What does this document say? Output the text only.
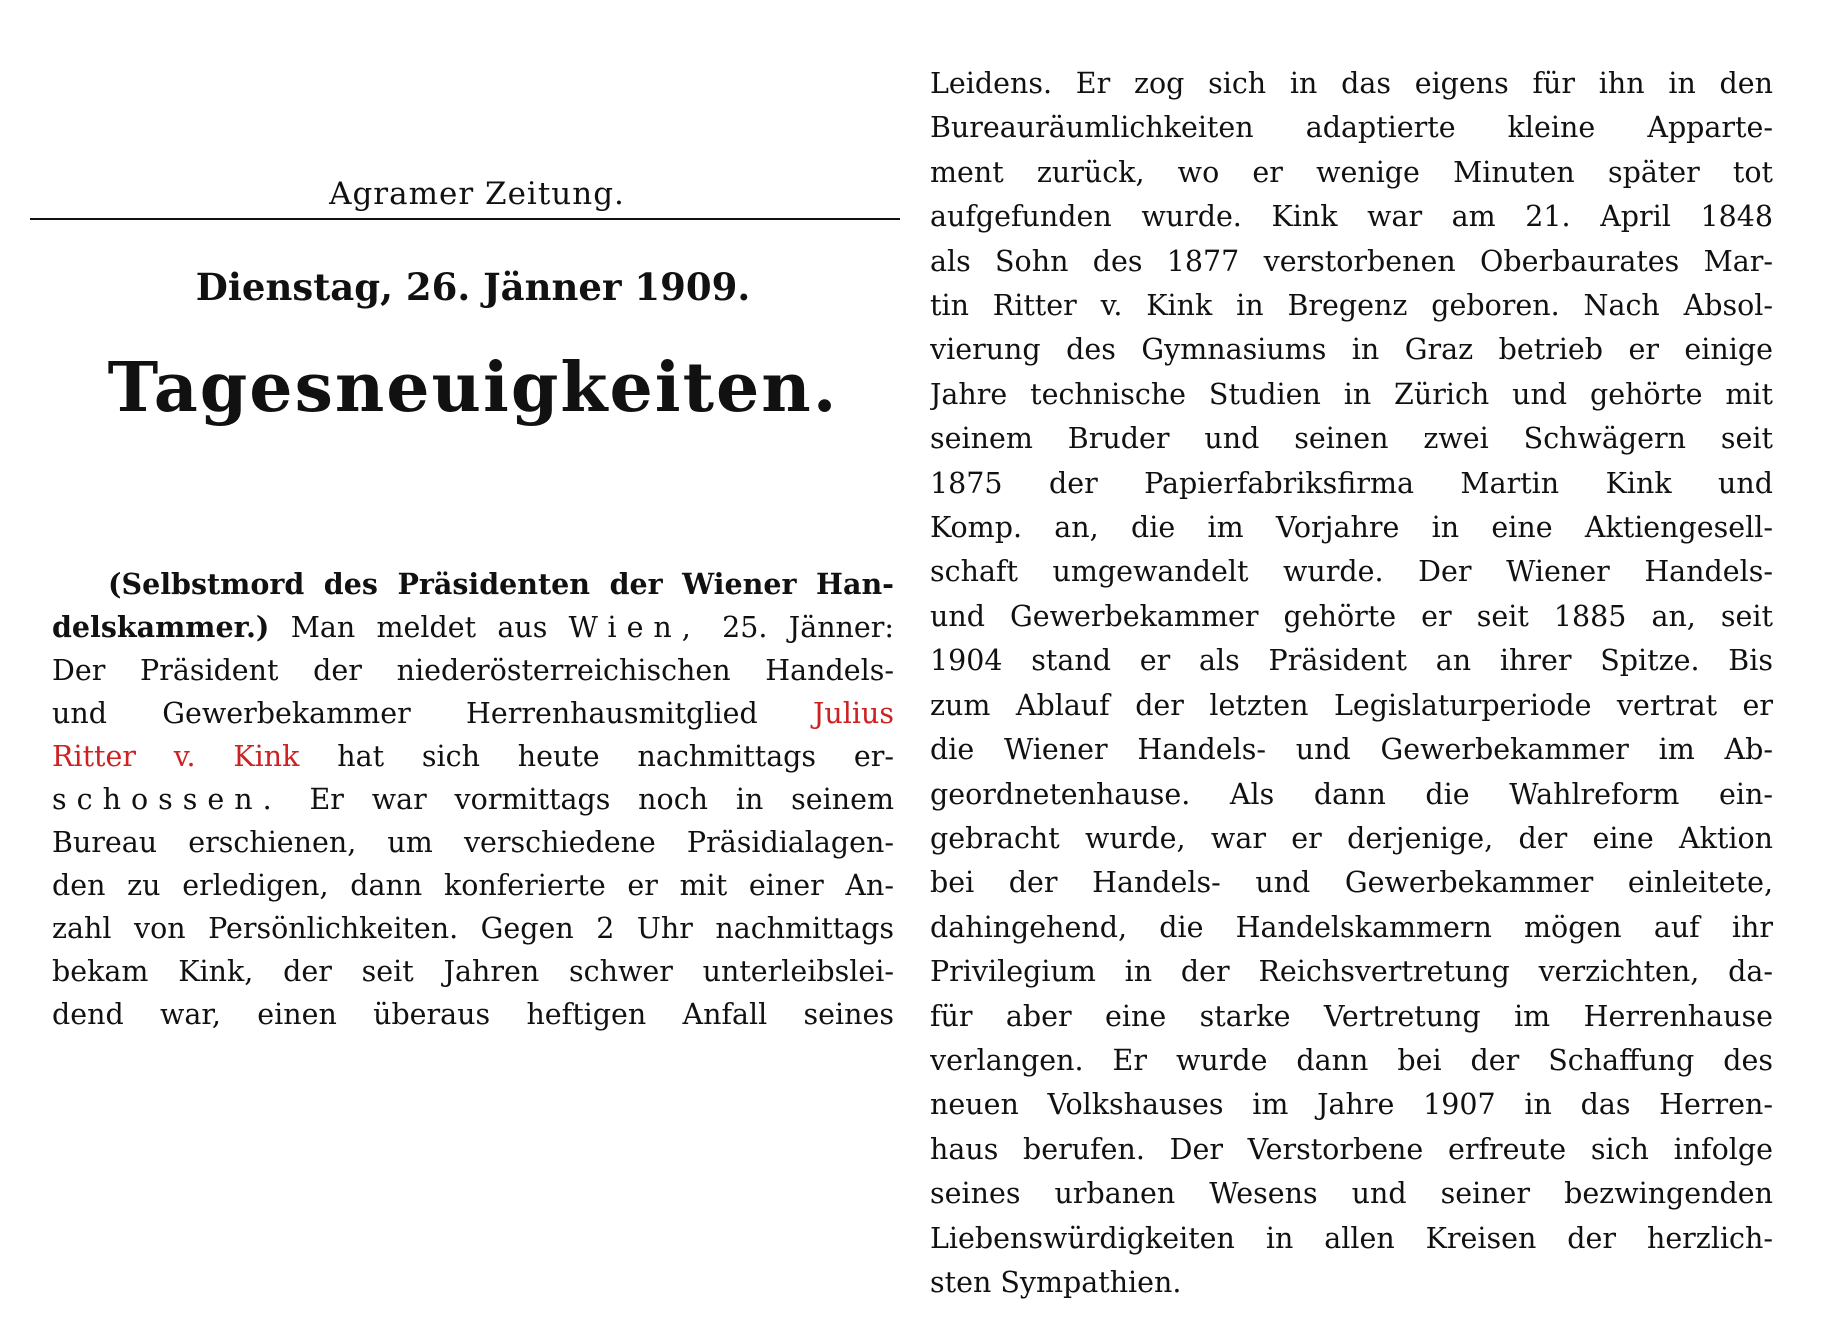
Agramer Zeitung.
Dienstag, 26. Jänner 1909.
Tagesneuigkeiten.
(Selbstmord des Präsidenten der Wiener Han-
delskammer.) Man meldet aus Wien, 25. Jänner:
Der Präsident der niederösterreichischen Handels-
und Gewerbekammer Herrenhausmitglied Julius
Ritter v. Kink hat sich heute nachmittags er-
schossen. Er war vormittags noch in seinem
Bureau erschienen, um verschiedene Präsidialagen-
den zu erledigen, dann konferierte er mit einer An-
zahl von Persönlichkeiten. Gegen 2 Uhr nachmittags
bekam Kink, der seit Jahren schwer unterleibslei-
dend war, einen überaus heftigen Anfall seines
Leidens. Er zog sich in das eigens für ihn in den
Bureauräumlichkeiten adaptierte kleine Apparte-
ment zurück, wo er wenige Minuten später tot
aufgefunden wurde. Kink war am 21. April 1848
als Sohn des 1877 verstorbenen Oberbaurates Mar-
tin Ritter v. Kink in Bregenz geboren. Nach Absol-
vierung des Gymnasiums in Graz betrieb er einige
Jahre technische Studien in Zürich und gehörte mit
seinem Bruder und seinen zwei Schwägern seit
1875 der Papierfabriksfirma Martin Kink und
Komp. an, die im Vorjahre in eine Aktiengesell-
schaft umgewandelt wurde. Der Wiener Handels-
und Gewerbekammer gehörte er seit 1885 an, seit
1904 stand er als Präsident an ihrer Spitze. Bis
zum Ablauf der letzten Legislaturperiode vertrat er
die Wiener Handels- und Gewerbekammer im Ab-
geordnetenhause. Als dann die Wahlreform ein-
gebracht wurde, war er derjenige, der eine Aktion
bei der Handels- und Gewerbekammer einleitete,
dahingehend, die Handelskammern mögen auf ihr
Privilegium in der Reichsvertretung verzichten, da-
für aber eine starke Vertretung im Herrenhause
verlangen. Er wurde dann bei der Schaffung des
neuen Volkshauses im Jahre 1907 in das Herren-
haus berufen. Der Verstorbene erfreute sich infolge
seines urbanen Wesens und seiner bezwingenden
Liebenswürdigkeiten in allen Kreisen der herzlich-
sten Sympathien.
